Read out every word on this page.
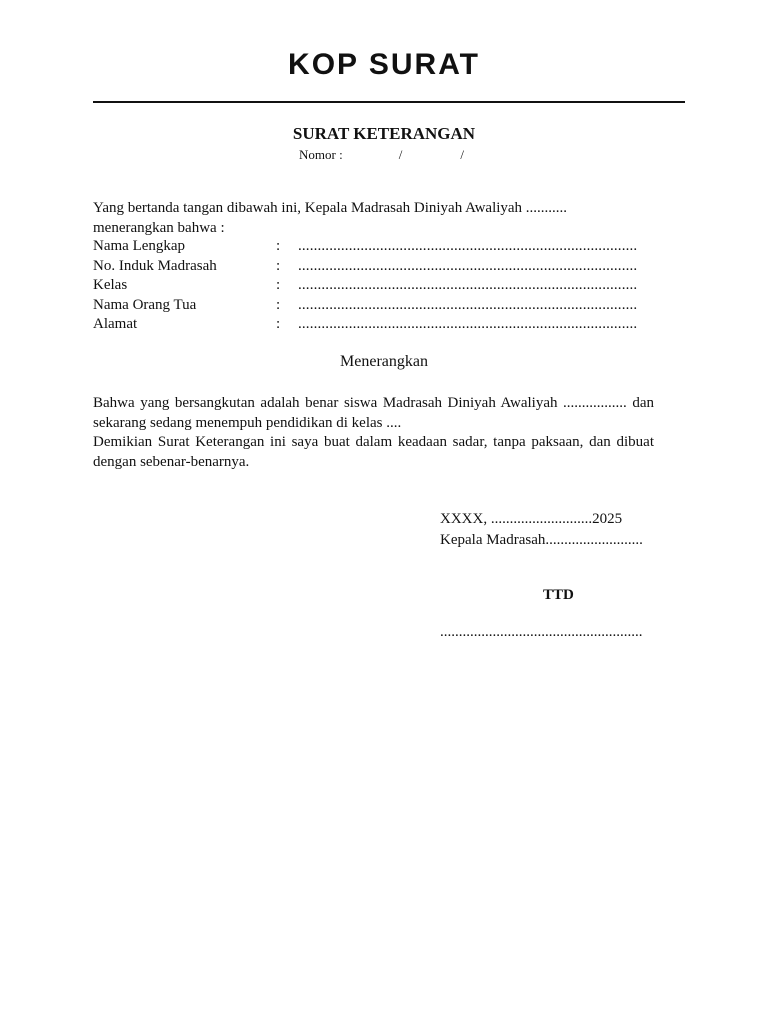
KOP SURAT
SURAT KETERANGAN
Nomor :	/	/
Yang bertanda tangan dibawah ini, Kepala Madrasah Diniyah Awaliyah ...........
menerangkan bahwa :
Nama Lengkap	:	.......................................................................................
No. Induk Madrasah	:	.......................................................................................
Kelas	:	.......................................................................................
Nama Orang Tua	:	.......................................................................................
Alamat	:	.......................................................................................
Menerangkan

Bahwa yang bersangkutan adalah benar siswa Madrasah Diniyah Awaliyah ................. dan sekarang sedang menempuh pendidikan di kelas ....

Demikian Surat Keterangan ini saya buat dalam keadaan sadar, tanpa paksaan, dan dibuat dengan sebenar-benarnya.

XXXX, ...........................2025
Kepala Madrasah..........................
TTD
......................................................
